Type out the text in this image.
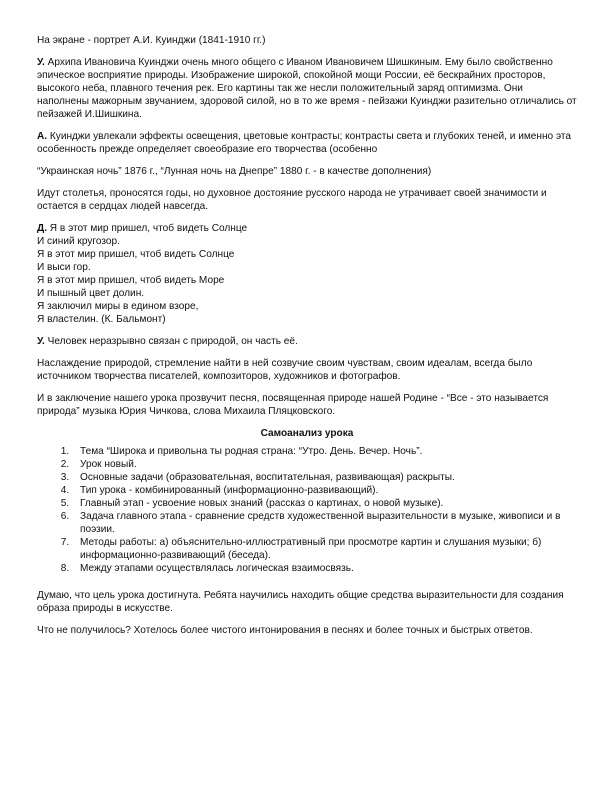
На экране - портрет А.И. Куинджи (1841-1910 гг.)

У. Архипа Ивановича Куинджи очень много общего с Иваном Ивановичем Шишкиным. Ему было свойственно эпическое восприятие природы. Изображение широкой, спокойной мощи России, её бескрайних просторов, высокого неба, плавного течения рек. Его картины так же несли положительный заряд оптимизма. Они наполнены мажорным звучанием, здоровой силой, но в то же время - пейзажи Куинджи разительно отличались от пейзажей И.Шишкина.

А. Куинджи увлекали эффекты освещения, цветовые контрасты; контрасты света и глубоких теней, и именно эта особенность прежде определяет своеобразие его творчества (особенно

“Украинская ночь” 1876 г., “Лунная ночь на Днепре” 1880 г. - в качестве дополнения)

Идут столетья, проносятся годы, но духовное достояние русского народа не утрачивает своей значимости и остается в сердцах людей навсегда.

Д. Я в этот мир пришел, чтоб видеть Солнце
И синий кругозор.
Я в этот мир пришел, чтоб видеть Солнце
И выси гор.
Я в этот мир пришел, чтоб видеть Море
И пышный цвет долин.
Я заключил миры в едином взоре,
Я властелин. (К. Бальмонт)

У. Человек неразрывно связан с природой, он часть её.

Наслаждение природой, стремление найти в ней созвучие своим чувствам, своим идеалам, всегда было источником творчества писателей, композиторов, художников и фотографов.

И в заключение нашего урока прозвучит песня, посвященная природе нашей Родине - “Все - это называется природа” музыка Юрия Чичкова, слова Михаила Пляцковского.

Самоанализ урока
1. Тема “Широка и привольна ты родная страна: “Утро. День. Вечер. Ночь”.
2. Урок новый.
3. Основные задачи (образовательная, воспитательная, развивающая) раскрыты.
4. Тип урока - комбинированный (информационно-развивающий).
5. Главный этап - усвоение новых знаний (рассказ о картинах, о новой музыке).
6. Задача главного этапа - сравнение средств художественной выразительности в музыке, живописи и в поэзии.
7. Методы работы: а) объяснительно-иллюстративный при просмотре картин и слушания музыки; б) информационно-развивающий (беседа).
8. Между этапами осуществлялась логическая взаимосвязь.

Думаю, что цель урока достигнута. Ребята научились находить общие средства выразительности для создания образа природы в искусстве.

Что не получилось? Хотелось более чистого интонирования в песнях и более точных и быстрых ответов.
